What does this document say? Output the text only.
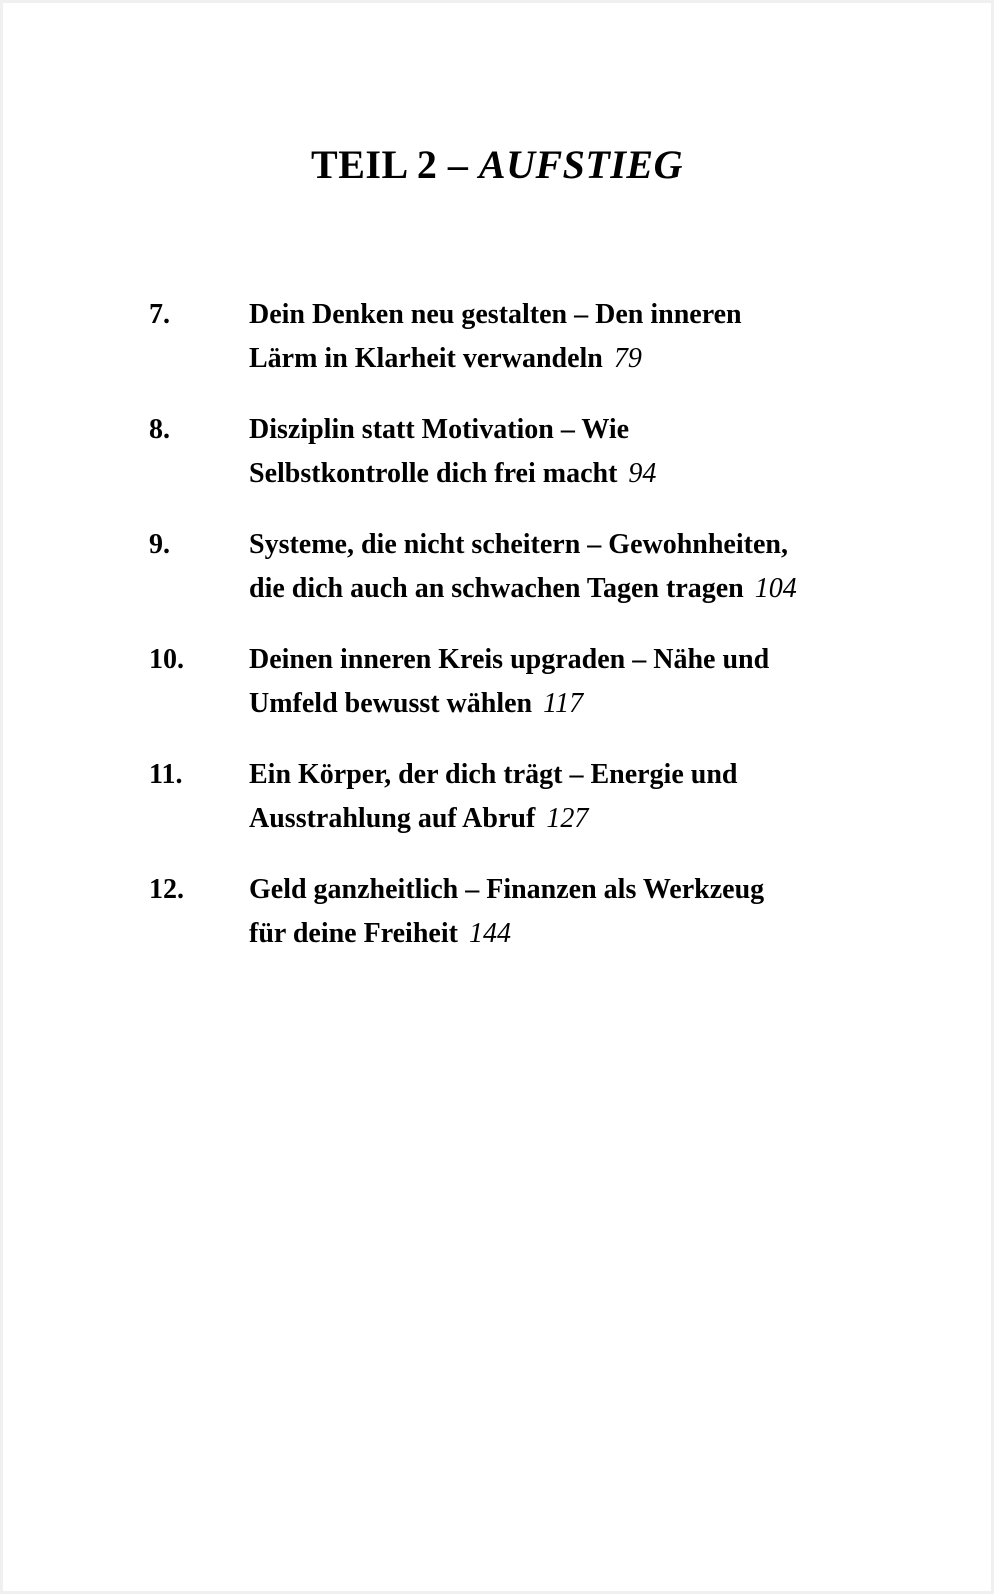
TEIL 2 – AUFSTIEG
7.	Dein Denken neu gestalten – Den inneren
Lärm in Klarheit verwandeln 79
8.	Disziplin statt Motivation – Wie
Selbstkontrolle dich frei macht 94
9.	Systeme, die nicht scheitern – Gewohnheiten,
die dich auch an schwachen Tagen tragen 104
10.	Deinen inneren Kreis upgraden – Nähe und
Umfeld bewusst wählen 117
11.	Ein Körper, der dich trägt – Energie und
Ausstrahlung auf Abruf 127
12.	Geld ganzheitlich – Finanzen als Werkzeug
für deine Freiheit 144
